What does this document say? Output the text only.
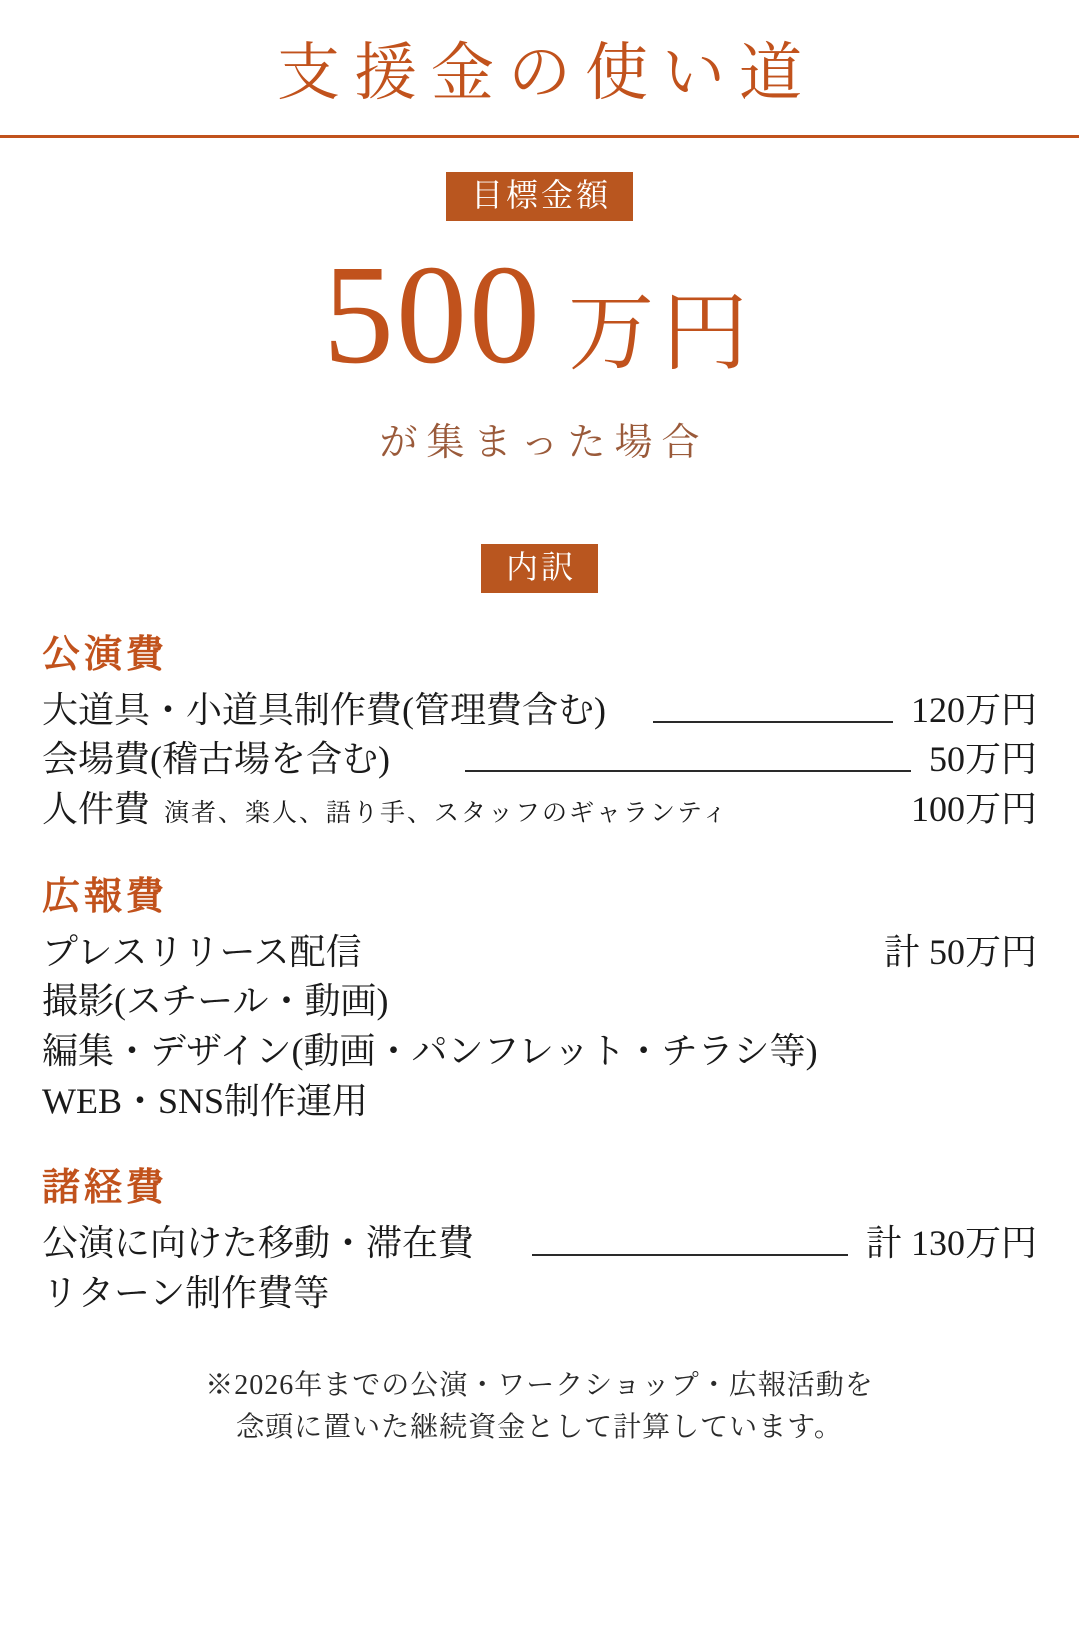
支援金の使い道
目標金額
500 万円
が集まった場合
内訳
公演費
大道具・小道具制作費(管理費含む)	120万円
会場費(稽古場を含む)	50万円
人件費 演者、楽人、語り手、スタッフのギャランティ	100万円
広報費
プレスリリース配信	計 50万円
撮影(スチール・動画)
編集・デザイン(動画・パンフレット・チラシ等)
WEB・SNS制作運用
諸経費
公演に向けた移動・滞在費	計 130万円
リターン制作費等
※2026年までの公演・ワークショップ・広報活動を
念頭に置いた継続資金として計算しています。
